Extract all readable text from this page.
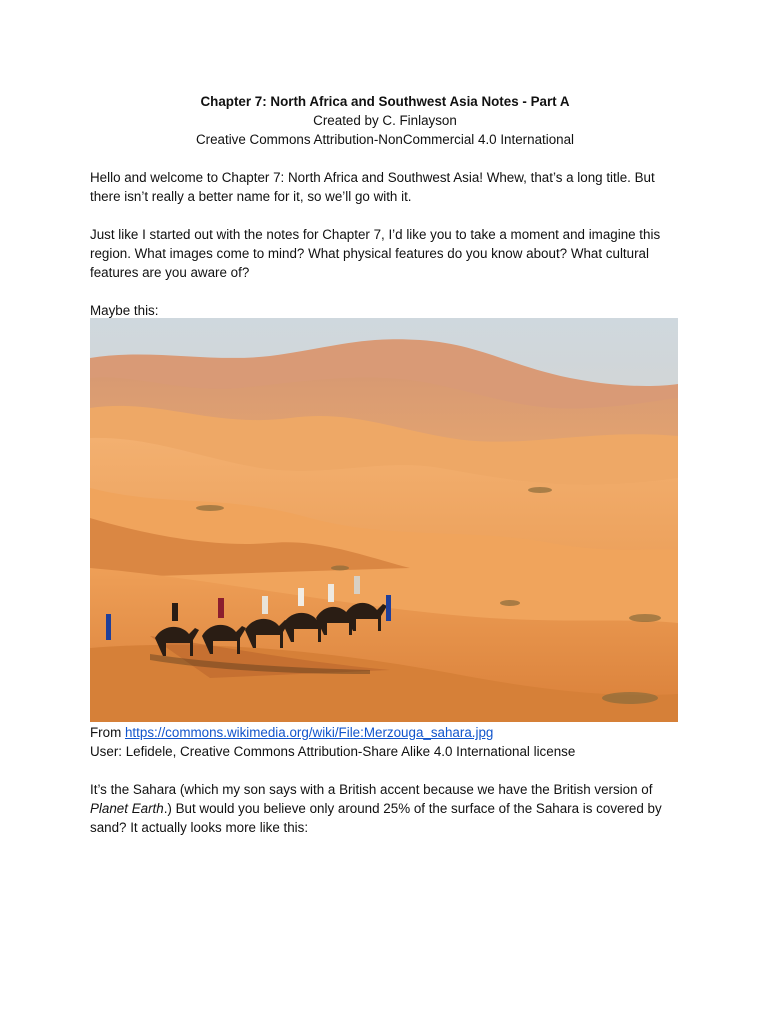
Chapter 7: North Africa and Southwest Asia Notes - Part A

Created by C. Finlayson

Creative Commons Attribution-NonCommercial 4.0 International

Hello and welcome to Chapter 7: North Africa and Southwest Asia! Whew, that’s a long title. But there isn’t really a better name for it, so we’ll go with it.

Just like I started out with the notes for Chapter 7, I’d like you to take a moment and imagine this region. What images come to mind? What physical features do you know about? What cultural features are you aware of?

Maybe this:

From https://commons.wikimedia.org/wiki/File:Merzouga_sahara.jpg

User: Lefidele, Creative Commons Attribution-Share Alike 4.0 International license

It’s the Sahara (which my son says with a British accent because we have the British version of Planet Earth.) But would you believe only around 25% of the surface of the Sahara is covered by sand? It actually looks more like this:
